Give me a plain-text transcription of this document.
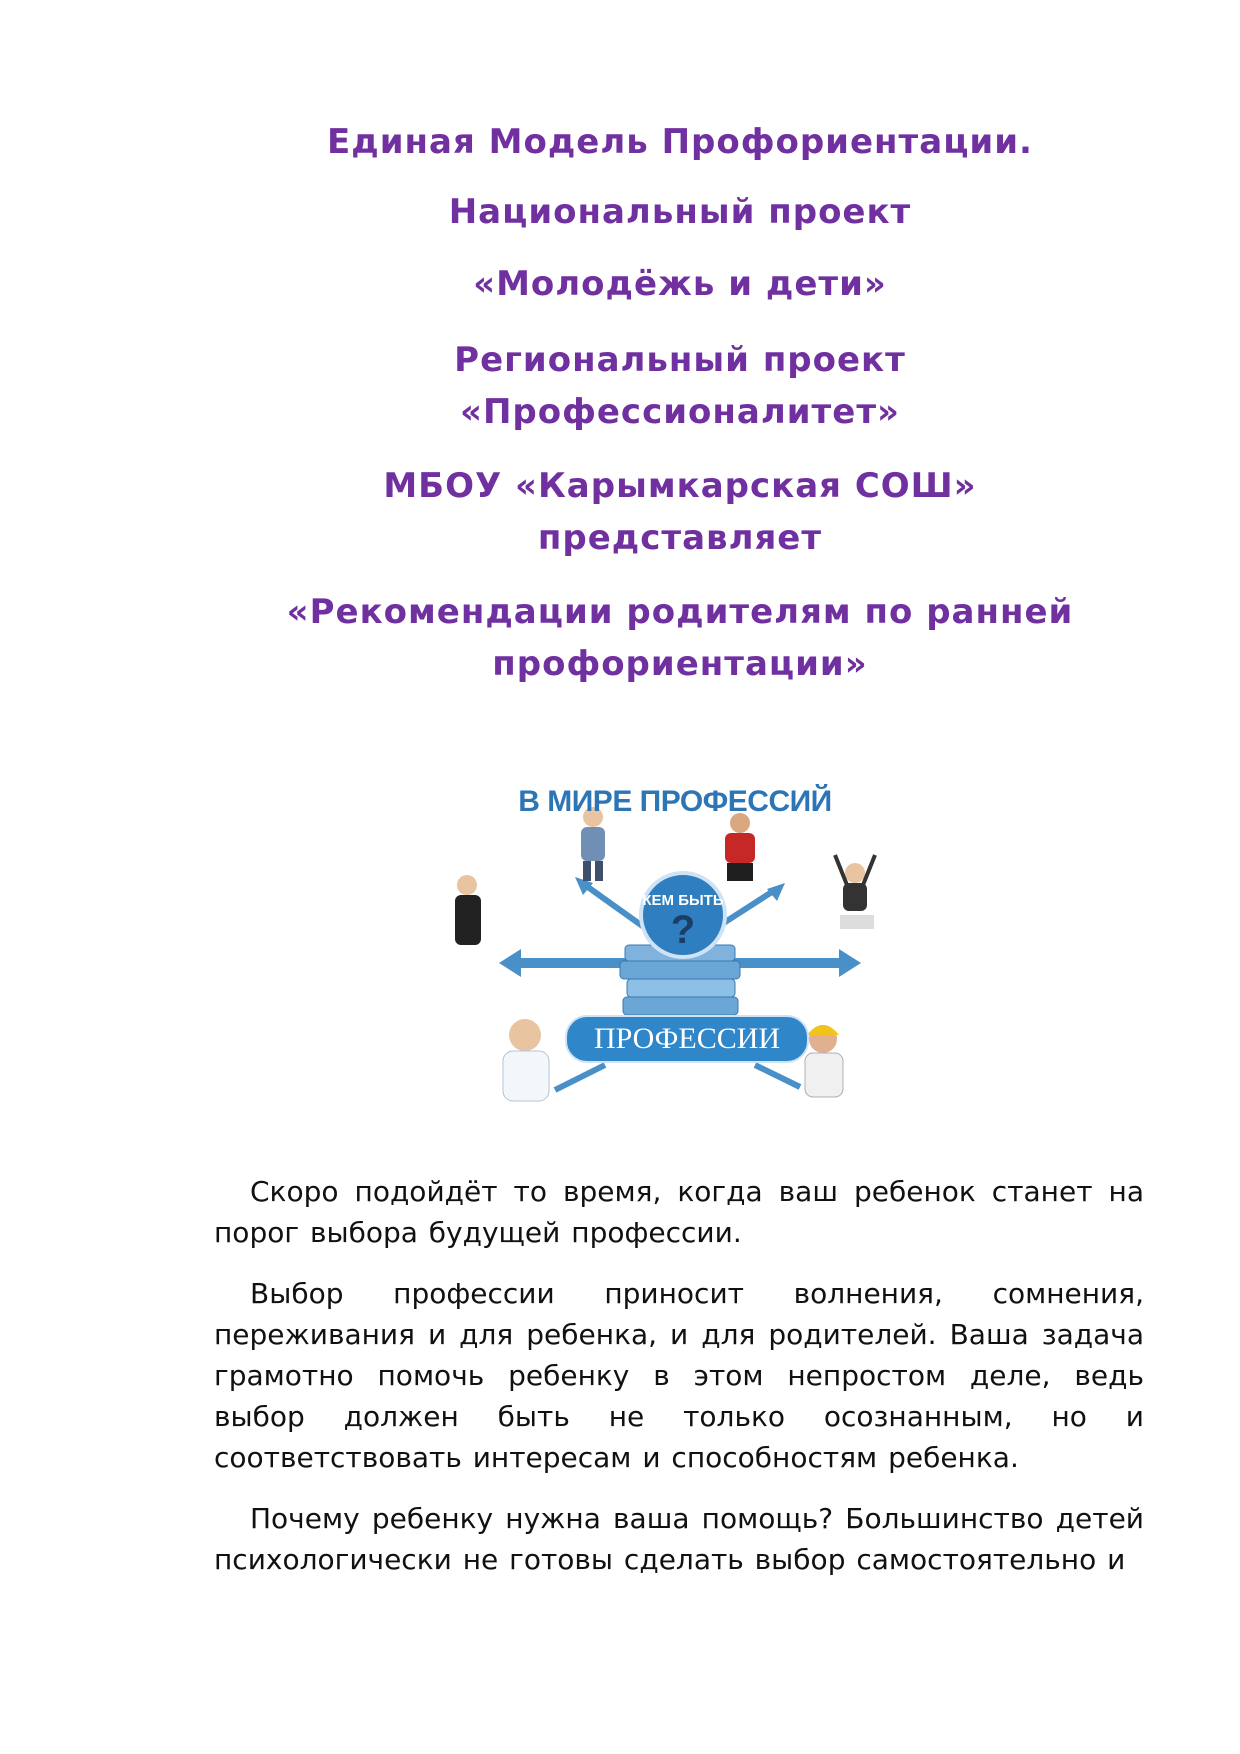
Единая Модель Профориентации.
Национальный проект
«Молодёжь и дети»
Региональный проект
«Профессионалитет»
МБОУ «Карымкарская СОШ»
представляет
«Рекомендации родителям по ранней
профориентации»
КЕМ БЫТЬ
?
В МИРЕ ПРОФЕССИЙ
ПРОФЕССИИ

Скоро подойдёт то время, когда ваш ребенок станет на порог выбора будущей профессии.

Выбор профессии приносит волнения, сомнения, переживания и для ребенка, и для родителей. Ваша задача грамотно помочь ребенку в этом непростом деле, ведь выбор должен быть не только осознанным, но и соответствовать интересам и способностям ребенка.

Почему ребенку нужна ваша помощь? Большинство детей психологически не готовы сделать выбор самостоятельно и
